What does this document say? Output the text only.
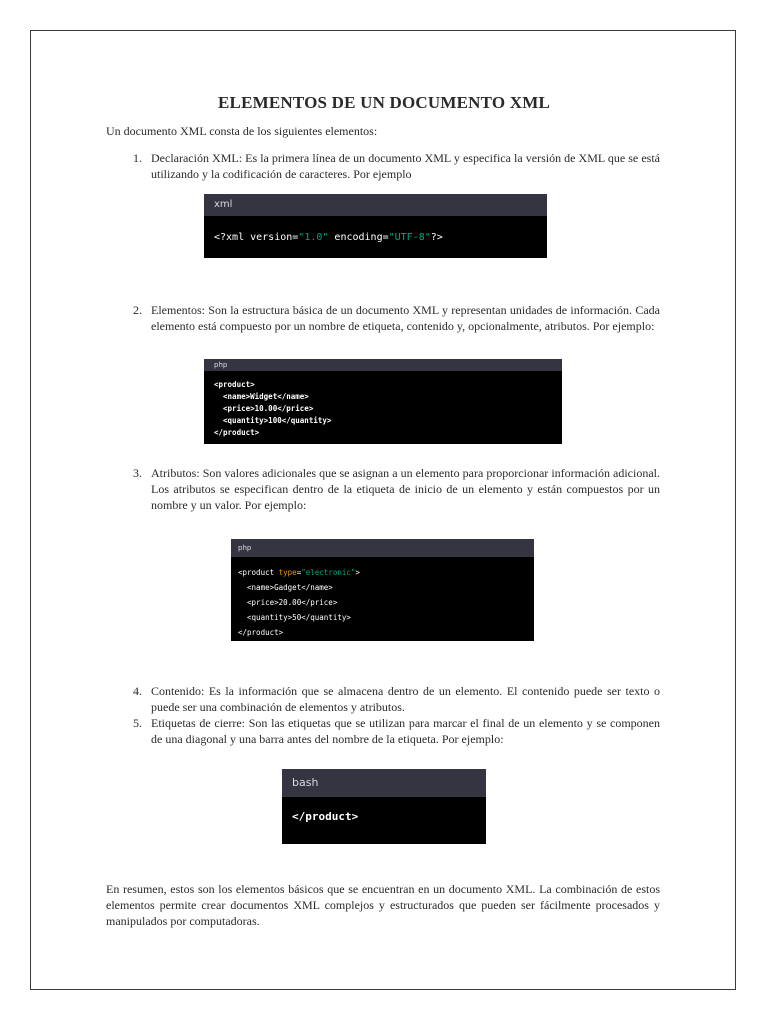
ELEMENTOS DE UN DOCUMENTO XML
Un documento XML consta de los siguientes elementos:
1. Declaración XML: Es la primera línea de un documento XML y especifica la versión de XML que se está utilizando y la codificación de caracteres. Por ejemplo
xml
<?xml version="1.0" encoding="UTF-8"?>
2. Elementos: Son la estructura básica de un documento XML y representan unidades de información. Cada elemento está compuesto por un nombre de etiqueta, contenido y, opcionalmente, atributos. Por ejemplo:
php
<product>
<name>Widget</name>
<price>10.00</price>
<quantity>100</quantity>
</product>
3. Atributos: Son valores adicionales que se asignan a un elemento para proporcionar información adicional. Los atributos se especifican dentro de la etiqueta de inicio de un elemento y están compuestos por un nombre y un valor. Por ejemplo:
php
<product type="electronic">
<name>Gadget</name>
<price>20.00</price>
<quantity>50</quantity>
</product>
4. Contenido: Es la información que se almacena dentro de un elemento. El contenido puede ser texto o puede ser una combinación de elementos y atributos.
5. Etiquetas de cierre: Son las etiquetas que se utilizan para marcar el final de un elemento y se componen de una diagonal y una barra antes del nombre de la etiqueta. Por ejemplo:
bash
</product>
En resumen, estos son los elementos básicos que se encuentran en un documento XML. La combinación de estos elementos permite crear documentos XML complejos y estructurados que pueden ser fácilmente procesados y manipulados por computadoras.
